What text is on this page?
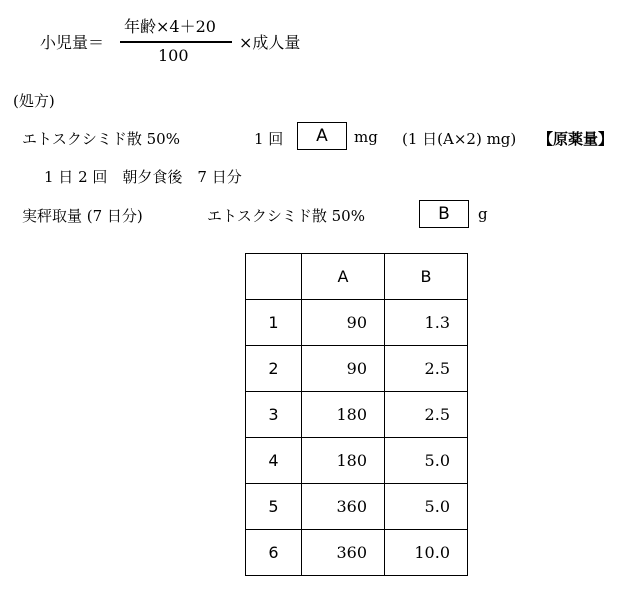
小児量＝
年齢×4＋20
100
×成人量
(処方)
エトスクシミド散 50%	1 回	A	mg (1 日(A×2) mg) 【原薬量】
1 日 2 回　朝夕食後　7 日分
実秤取量 (7 日分)	エトスクシミド散 50%	B	g
	A	B
1	90	1.3
2	90	2.5
3	180	2.5
4	180	5.0
5	360	5.0
6	360	10.0
